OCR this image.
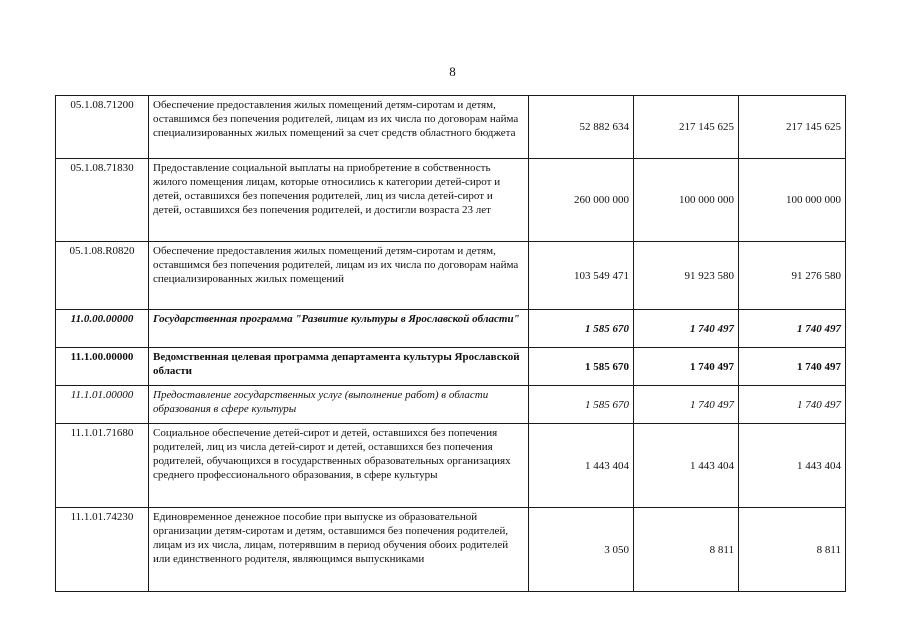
8
05.1.08.71200	Обеспечение предоставления жилых помещений детям-сиротам и детям, оставшимся без попечения родителей, лицам из их числа по договорам найма специализированных жилых помещений за счет средств областного бюджета	52 882 634	217 145 625	217 145 625
05.1.08.71830	Предоставление социальной выплаты на приобретение в собственность жилого помещения лицам, которые относились к категории детей-сирот и детей, оставшихся без попечения родителей, лиц из числа детей-сирот и детей, оставшихся без попечения родителей, и достигли возраста 23 лет	260 000 000	100 000 000	100 000 000
05.1.08.R0820	Обеспечение предоставления жилых помещений детям-сиротам и детям, оставшимся без попечения родителей, лицам из их числа по договорам найма специализированных жилых помещений	103 549 471	91 923 580	91 276 580
11.0.00.00000	Государственная программа "Развитие культуры в Ярославской области"	1 585 670	1 740 497	1 740 497
11.1.00.00000	Ведомственная целевая программа департамента культуры Ярославской области	1 585 670	1 740 497	1 740 497
11.1.01.00000	Предоставление государственных услуг (выполнение работ) в области образования в сфере культуры	1 585 670	1 740 497	1 740 497
11.1.01.71680	Социальное обеспечение детей-сирот и детей, оставшихся без попечения родителей, лиц из числа детей-сирот и детей, оставшихся без попечения родителей, обучающихся в государственных образовательных организациях среднего профессионального образования, в сфере культуры	1 443 404	1 443 404	1 443 404
11.1.01.74230	Единовременное денежное пособие при выпуске из образовательной организации детям-сиротам и детям, оставшимся без попечения родителей, лицам из их числа, лицам, потерявшим в период обучения обоих родителей или единственного родителя, являющимся выпускниками	3 050	8 811	8 811
